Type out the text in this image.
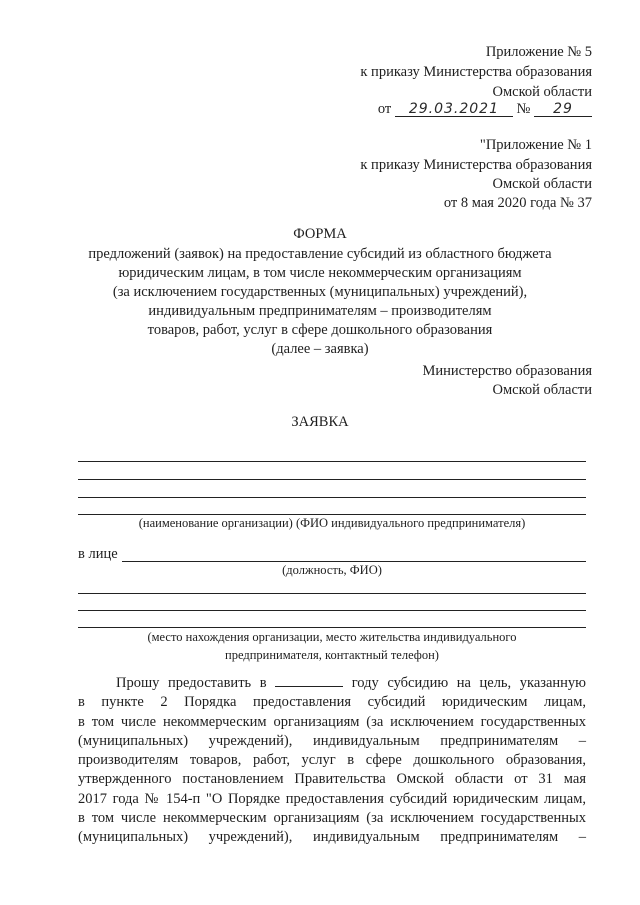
Приложение № 5
к приказу Министерства образования
Омской области
от 29.03.2021 № 29
"Приложение № 1
к приказу Министерства образования
Омской области
от 8 мая 2020 года № 37
ФОРМА
предложений (заявок) на предоставление субсидий из областного бюджета
юридическим лицам, в том числе некоммерческим организациям
(за исключением государственных (муниципальных) учреждений),
индивидуальным предпринимателям – производителям
товаров, работ, услуг в сфере дошкольного образования
(далее – заявка)
Министерство образования
Омской области
ЗАЯВКА
(наименование организации) (ФИО индивидуального предпринимателя)
в лице
(должность, ФИО)
(место нахождения организации, место жительства индивидуального
предпринимателя, контактный телефон)
Прошу предоставить в	году субсидию на цель, указанную
в пункте 2 Порядка предоставления субсидий юридическим лицам,
в том числе некоммерческим организациям (за исключением государственных
(муниципальных) учреждений), индивидуальным предпринимателям –
производителям товаров, работ, услуг в сфере дошкольного образования,
утвержденного постановлением Правительства Омской области от 31 мая
2017 года № 154-п "О Порядке предоставления субсидий юридическим лицам,
в том числе некоммерческим организациям (за исключением государственных
(муниципальных) учреждений), индивидуальным предпринимателям –
